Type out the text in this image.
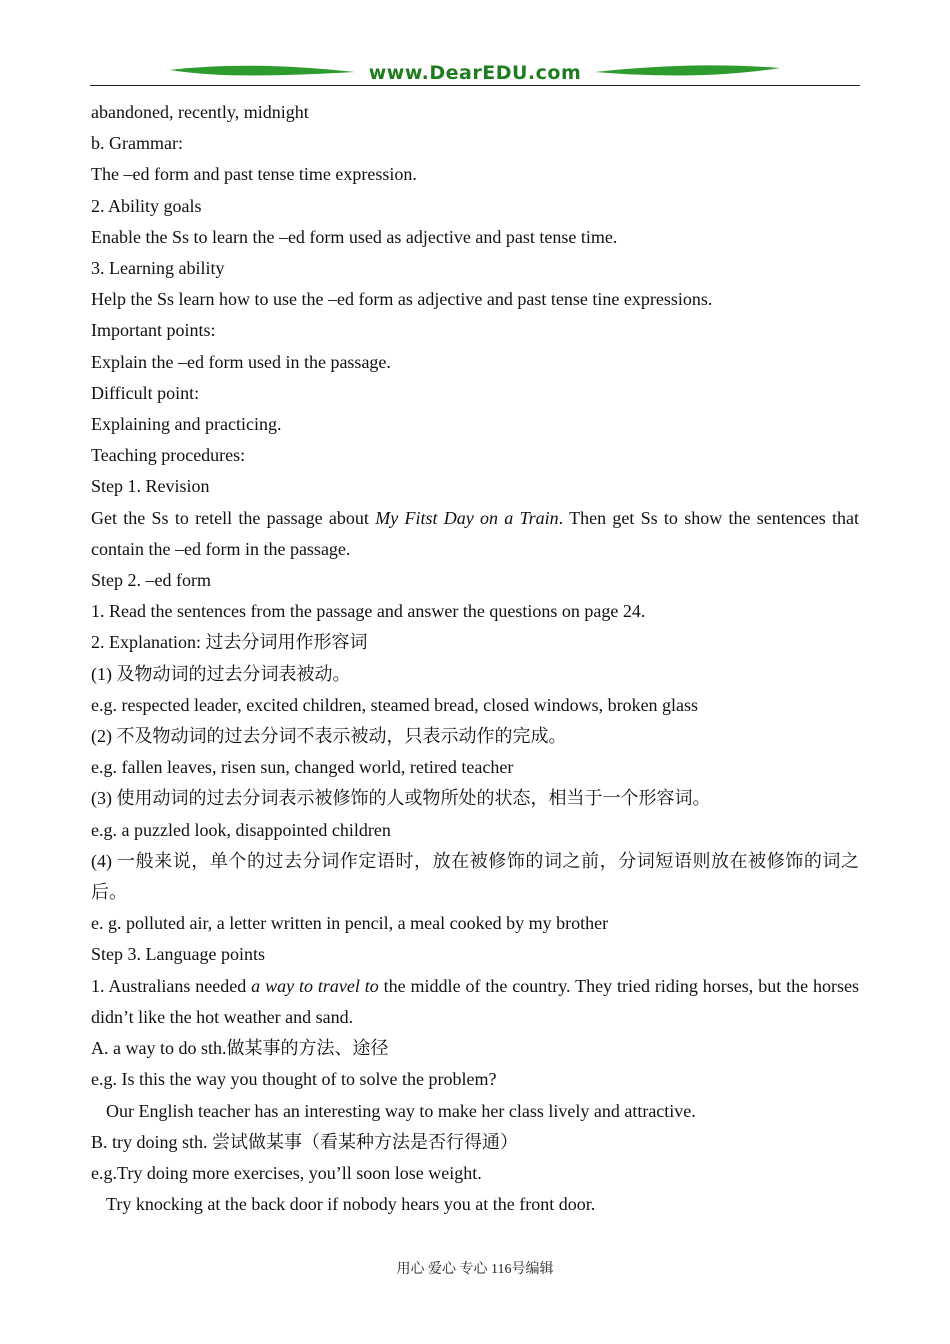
www.DearEDU.com
abandoned, recently, midnight
b. Grammar:
The –ed form and past tense time expression.
2. Ability goals
Enable the Ss to learn the –ed form used as adjective and past tense time.
3. Learning ability
Help the Ss learn how to use the –ed form as adjective and past tense tine expressions.
Important points:
Explain the –ed form used in the passage.
Difficult point:
Explaining and practicing.
Teaching procedures:
Step 1. Revision
Get the Ss to retell the passage about My Fitst Day on a Train. Then get Ss to show the sentences that contain the –ed form in the passage.
Step 2. –ed form
1. Read the sentences from the passage and answer the questions on page 24.
2. Explanation: 过去分词用作形容词
(1) 及物动词的过去分词表被动。
e.g. respected leader, excited children, steamed bread, closed windows, broken glass
(2) 不及物动词的过去分词不表示被动，只表示动作的完成。
e.g. fallen leaves, risen sun, changed world, retired teacher
(3) 使用动词的过去分词表示被修饰的人或物所处的状态，相当于一个形容词。
e.g. a puzzled look, disappointed children
(4) 一般来说，单个的过去分词作定语时，放在被修饰的词之前，分词短语则放在被修饰的词之后。
e. g. polluted air, a letter written in pencil, a meal cooked by my brother
Step 3. Language points
1. Australians needed a way to travel to the middle of the country. They tried riding horses, but the horses didn’t like the hot weather and sand.
A. a way to do sth.做某事的方法、途径
e.g. Is this the way you thought of to solve the problem?
Our English teacher has an interesting way to make her class lively and attractive.
B. try doing sth. 尝试做某事（看某种方法是否行得通）
e.g.Try doing more exercises, you’ll soon lose weight.
Try knocking at the back door if nobody hears you at the front door.
用心 爱心 专心 116号编辑
